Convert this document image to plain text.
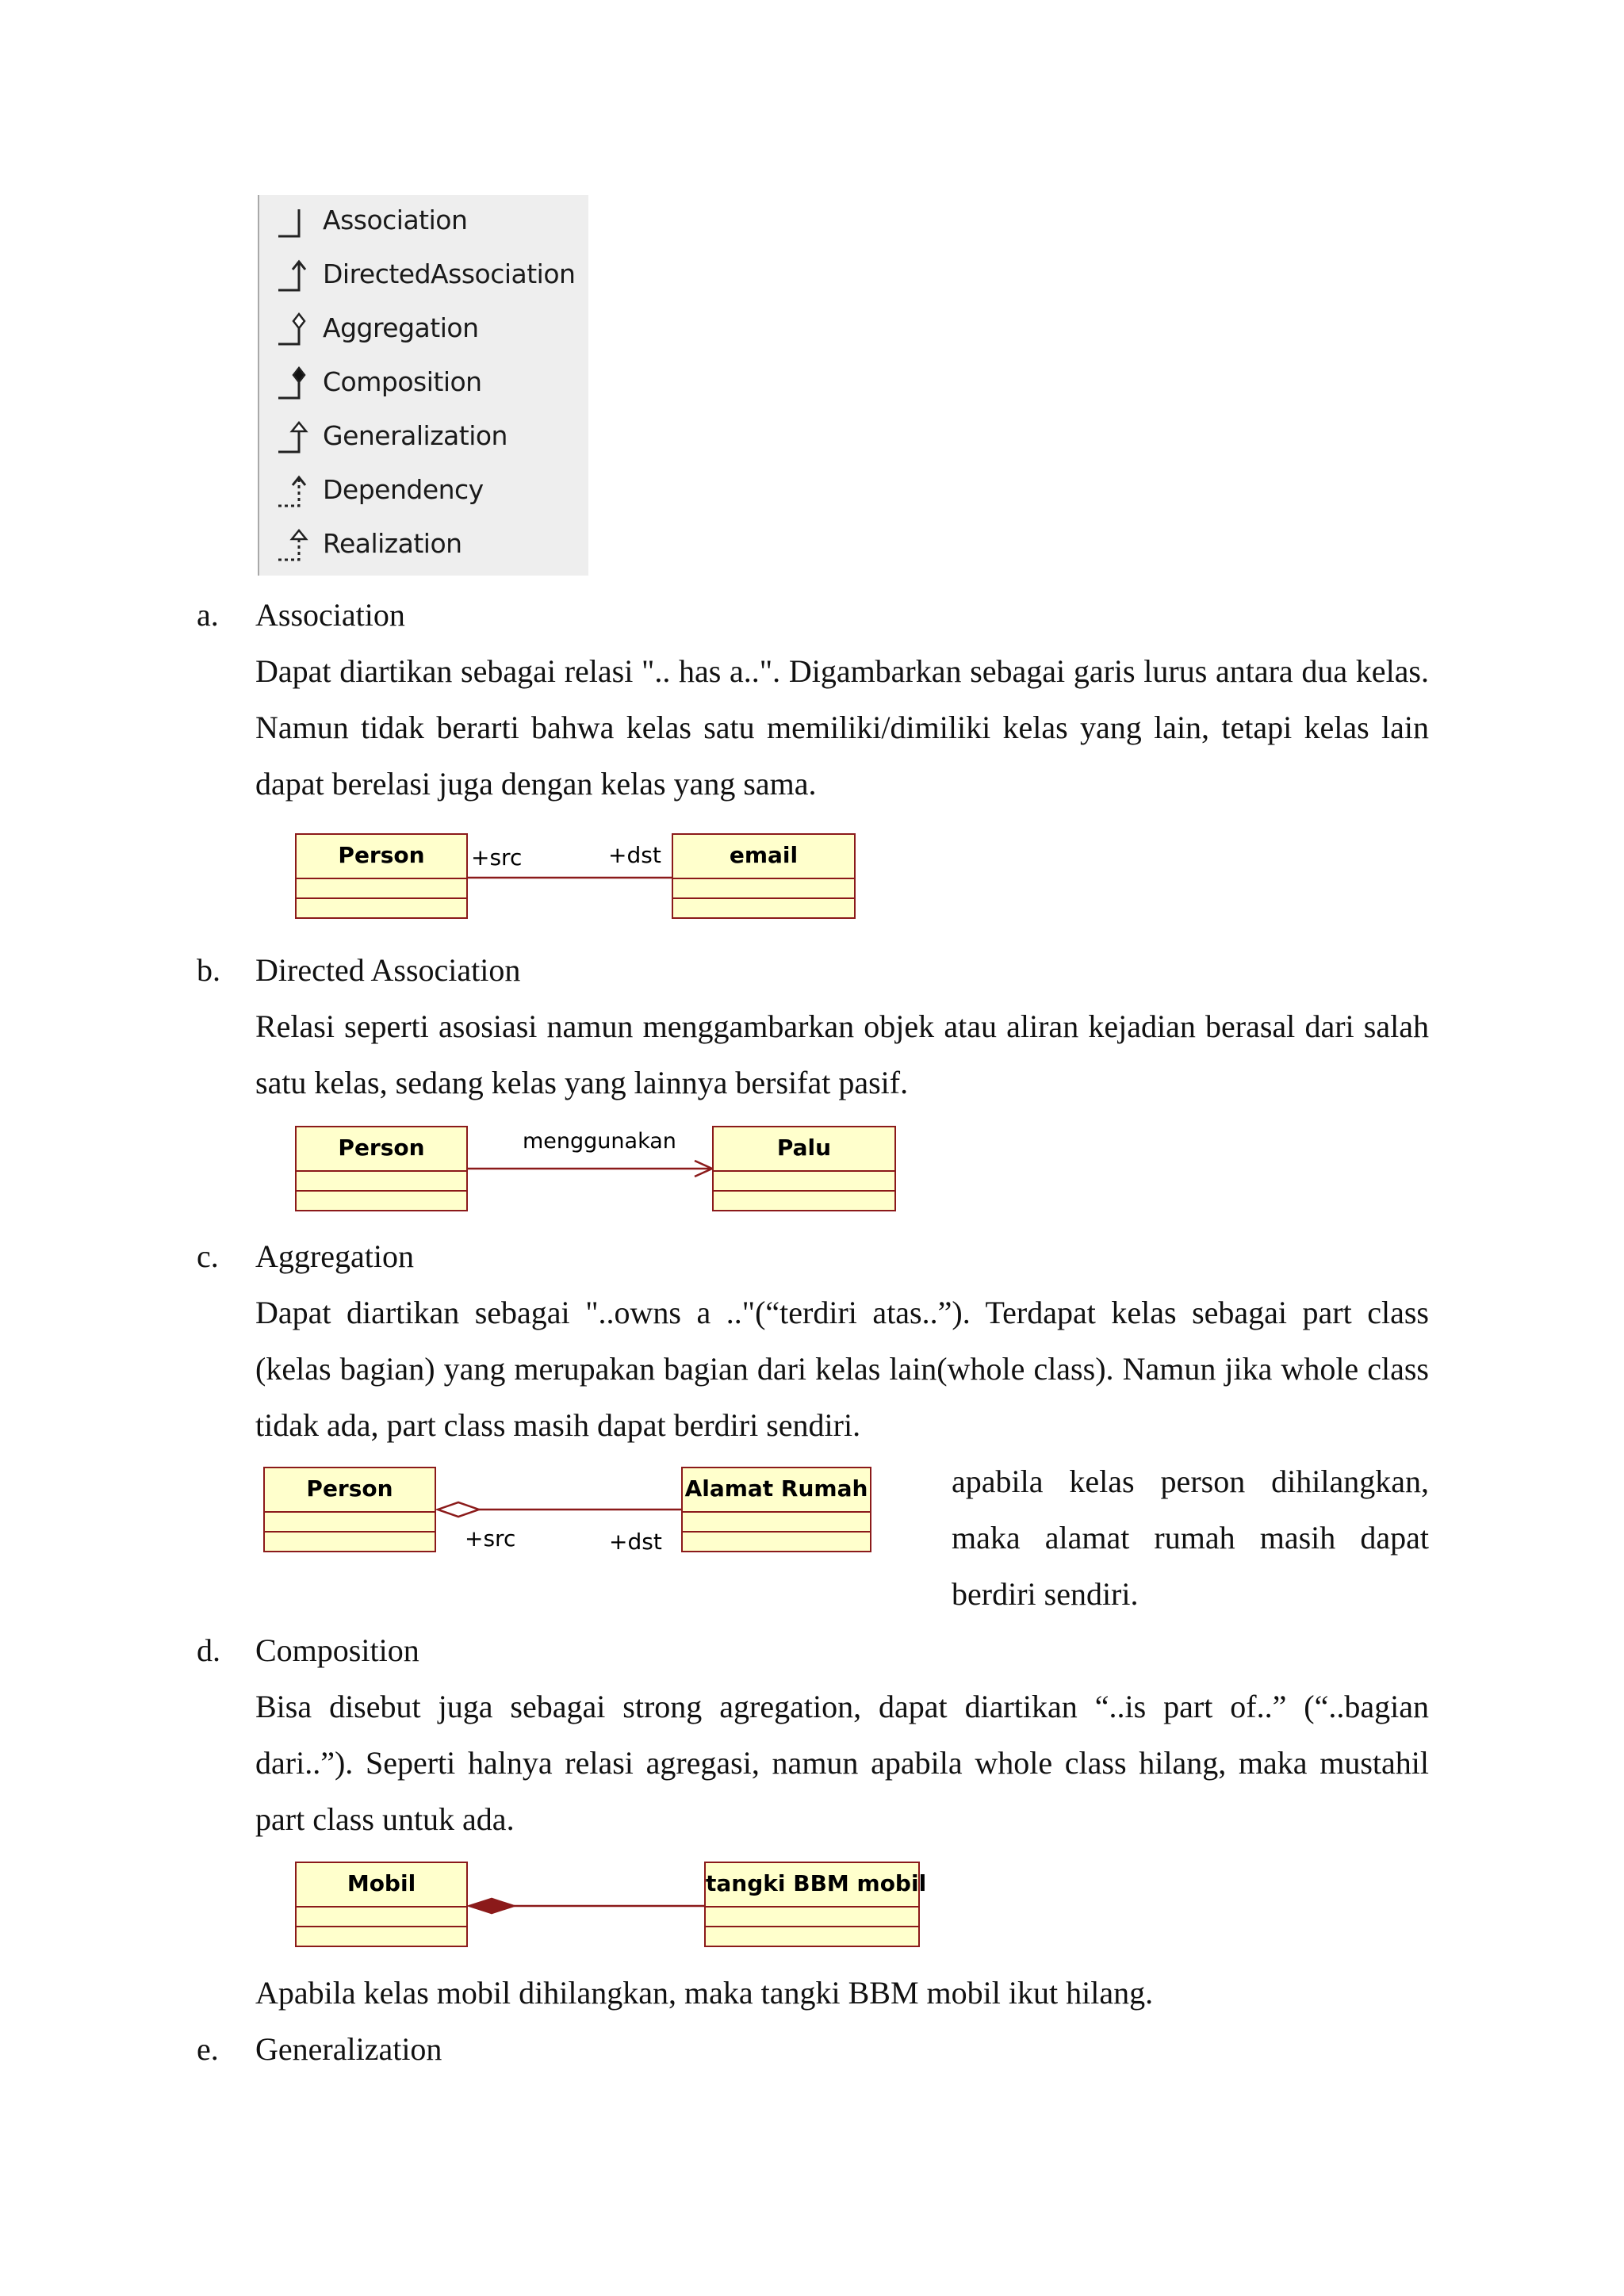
Association
DirectedAssociation
Aggregation
Composition
Generalization
Dependency
Realization
a. Association

Dapat diartikan sebagai relasi ".. has a..". Digambarkan sebagai garis lurus antara dua kelas. Namun tidak berarti bahwa kelas satu memiliki/dimiliki kelas yang lain, tetapi kelas lain dapat berelasi juga dengan kelas yang sama.

Person	+src	+dst	email
b. Directed Association

Relasi seperti asosiasi namun menggambarkan objek atau aliran kejadian berasal dari salah satu kelas, sedang kelas yang lainnya bersifat pasif.

Person	menggunakan	Palu
c. Aggregation

Dapat diartikan sebagai "..owns a .."(“terdiri atas..”). Terdapat kelas sebagai part class (kelas bagian) yang merupakan bagian dari kelas lain(whole class). Namun jika whole class tidak ada, part class masih dapat berdiri sendiri.

Person
+src	+dst
Alamat Rumah	apabila kelas person dihilangkan,
maka alamat rumah masih dapat
berdiri sendiri.
d. Composition

Bisa disebut juga sebagai strong agregation, dapat diartikan “..is part of..” (“..bagian dari..”). Seperti halnya relasi agregasi, namun apabila whole class hilang, maka mustahil part class untuk ada.

Mobil	tangki BBM mobil
Apabila kelas mobil dihilangkan, maka tangki BBM mobil ikut hilang.
e. Generalization
